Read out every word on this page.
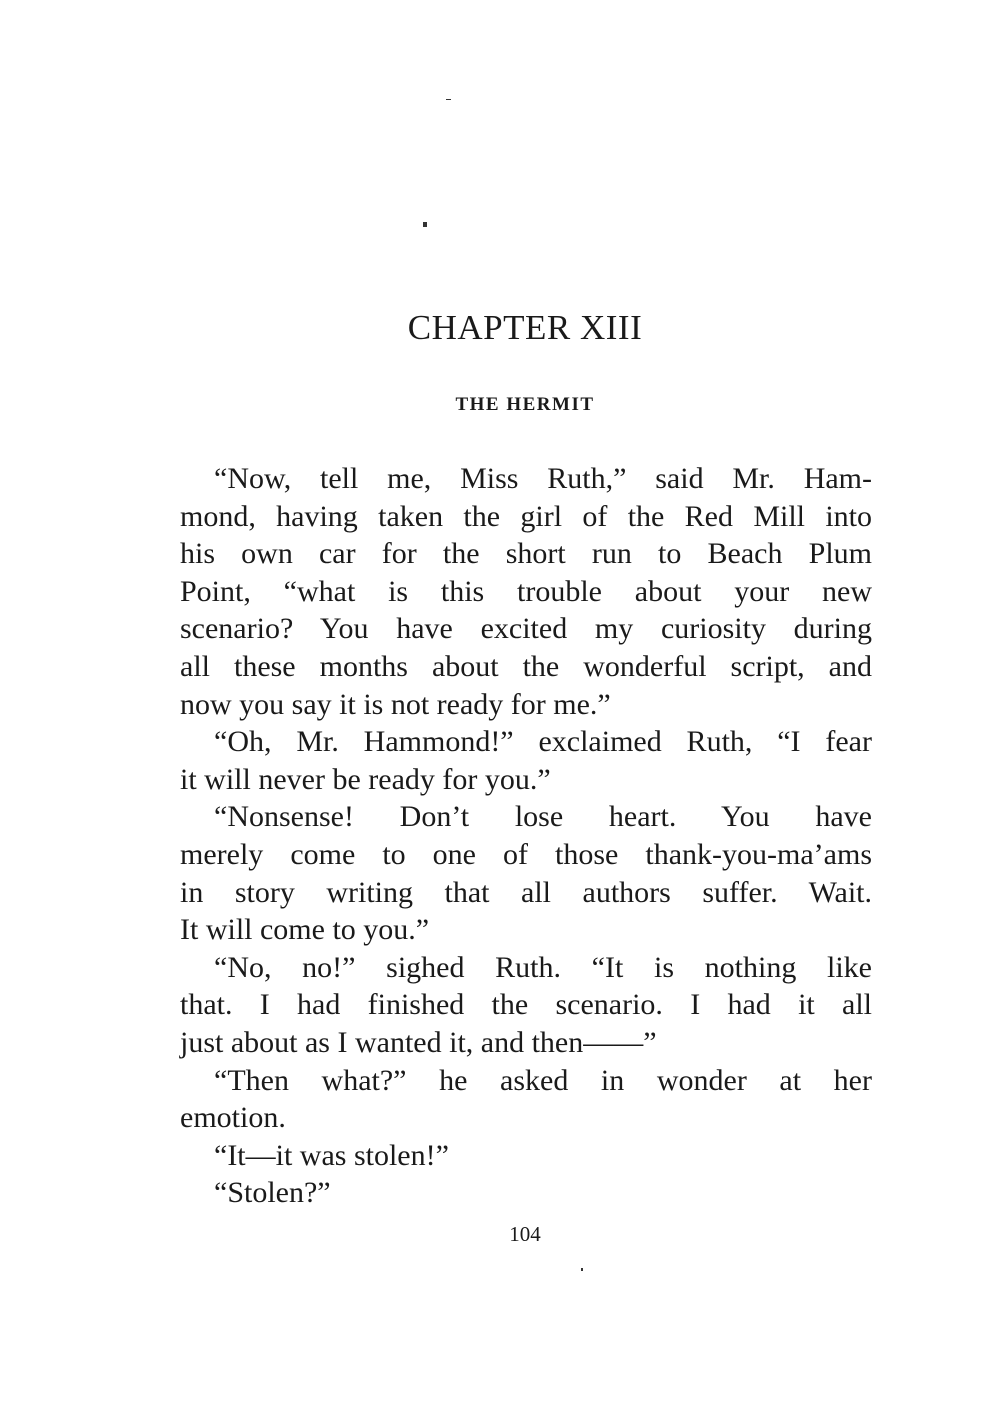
CHAPTER XIII
THE HERMIT
“Now, tell me, Miss Ruth,” said Mr. Ham-
mond, having taken the girl of the Red Mill into
his own car for the short run to Beach Plum
Point, “what is this trouble about your new
scenario? You have excited my curiosity during
all these months about the wonderful script, and
now you say it is not ready for me.”
“Oh, Mr. Hammond!” exclaimed Ruth, “I fear
it will never be ready for you.”
“Nonsense! Don’t lose heart. You have
merely come to one of those thank-you-ma’ams
in story writing that all authors suffer. Wait.
It will come to you.”
“No, no!” sighed Ruth. “It is nothing like
that. I had finished the scenario. I had it all
just about as I wanted it, and then——”
“Then what?” he asked in wonder at her
emotion.
“It—it was stolen!”
“Stolen?”
104
